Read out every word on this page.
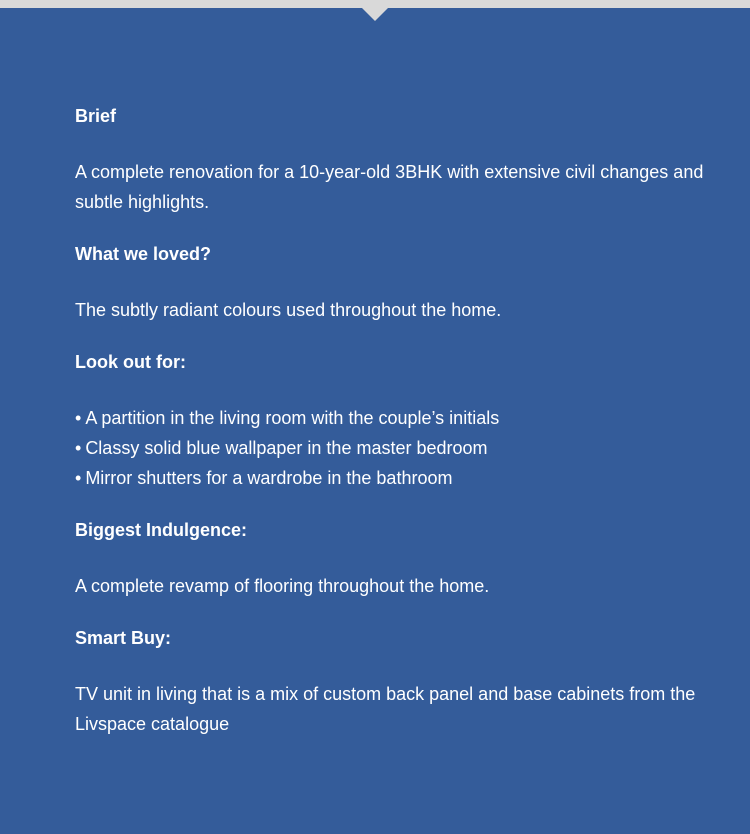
Brief

A complete renovation for a 10-year-old 3BHK with extensive civil changes and subtle highlights.

What we loved?

The subtly radiant colours used throughout the home.

Look out for:
• A partition in the living room with the couple’s initials
• Classy solid blue wallpaper in the master bedroom
• Mirror shutters for a wardrobe in the bathroom
Biggest Indulgence:

A complete revamp of flooring throughout the home.

Smart Buy:

TV unit in living that is a mix of custom back panel and base cabinets from the Livspace catalogue
